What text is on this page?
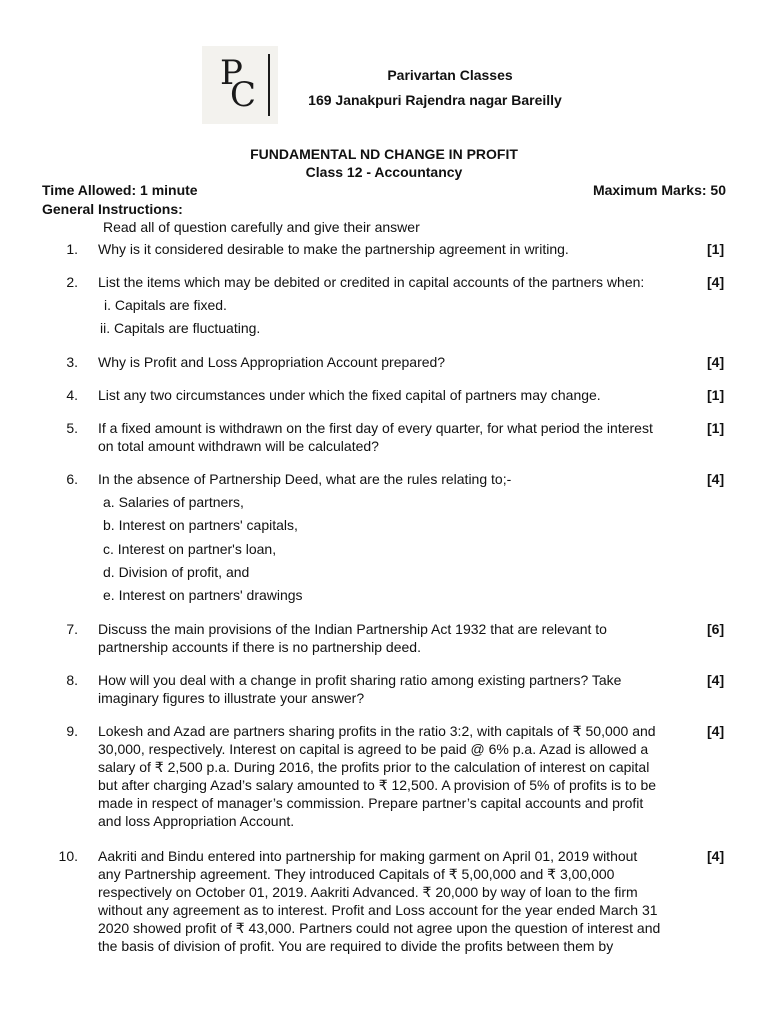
P
C	Parivartan Classes
169 Janakpuri Rajendra nagar Bareilly
FUNDAMENTAL ND CHANGE IN PROFIT
Class 12 - Accountancy
Time Allowed: 1 minute	Maximum Marks: 50
General Instructions:
Read all of question carefully and give their answer
1. Why is it considered desirable to make the partnership agreement in writing.	[1]
2. List the items which may be debited or credited in capital accounts of the partners when:	[4]
i. Capitals are fixed.
ii. Capitals are fluctuating.
3. Why is Profit and Loss Appropriation Account prepared?	[4]
4. List any two circumstances under which the fixed capital of partners may change.	[1]
5. If a fixed amount is withdrawn on the first day of every quarter, for what period the interest
on total amount withdrawn will be calculated?
[1]
6. In the absence of Partnership Deed, what are the rules relating to;-	[4]
a. Salaries of partners,
b. Interest on partners' capitals,
c. Interest on partner's loan,
d. Division of profit, and
e. Interest on partners' drawings
7. Discuss the main provisions of the Indian Partnership Act 1932 that are relevant to
partnership accounts if there is no partnership deed.
[6]
8. How will you deal with a change in profit sharing ratio among existing partners? Take
imaginary figures to illustrate your answer?
[4]
9. Lokesh and Azad are partners sharing profits in the ratio 3:2, with capitals of ₹ 50,000 and
30,000, respectively. Interest on capital is agreed to be paid @ 6% p.a. Azad is allowed a
salary of ₹ 2,500 p.a. During 2016, the profits prior to the calculation of interest on capital
but after charging Azad’s salary amounted to ₹ 12,500. A provision of 5% of profits is to be
made in respect of manager’s commission. Prepare partner’s capital accounts and profit
and loss Appropriation Account.
[4]
10. Aakriti and Bindu entered into partnership for making garment on April 01, 2019 without
any Partnership agreement. They introduced Capitals of ₹ 5,00,000 and ₹ 3,00,000
respectively on October 01, 2019. Aakriti Advanced. ₹ 20,000 by way of loan to the firm
without any agreement as to interest. Profit and Loss account for the year ended March 31
2020 showed profit of ₹ 43,000. Partners could not agree upon the question of interest and
the basis of division of profit. You are required to divide the profits between them by
[4]
